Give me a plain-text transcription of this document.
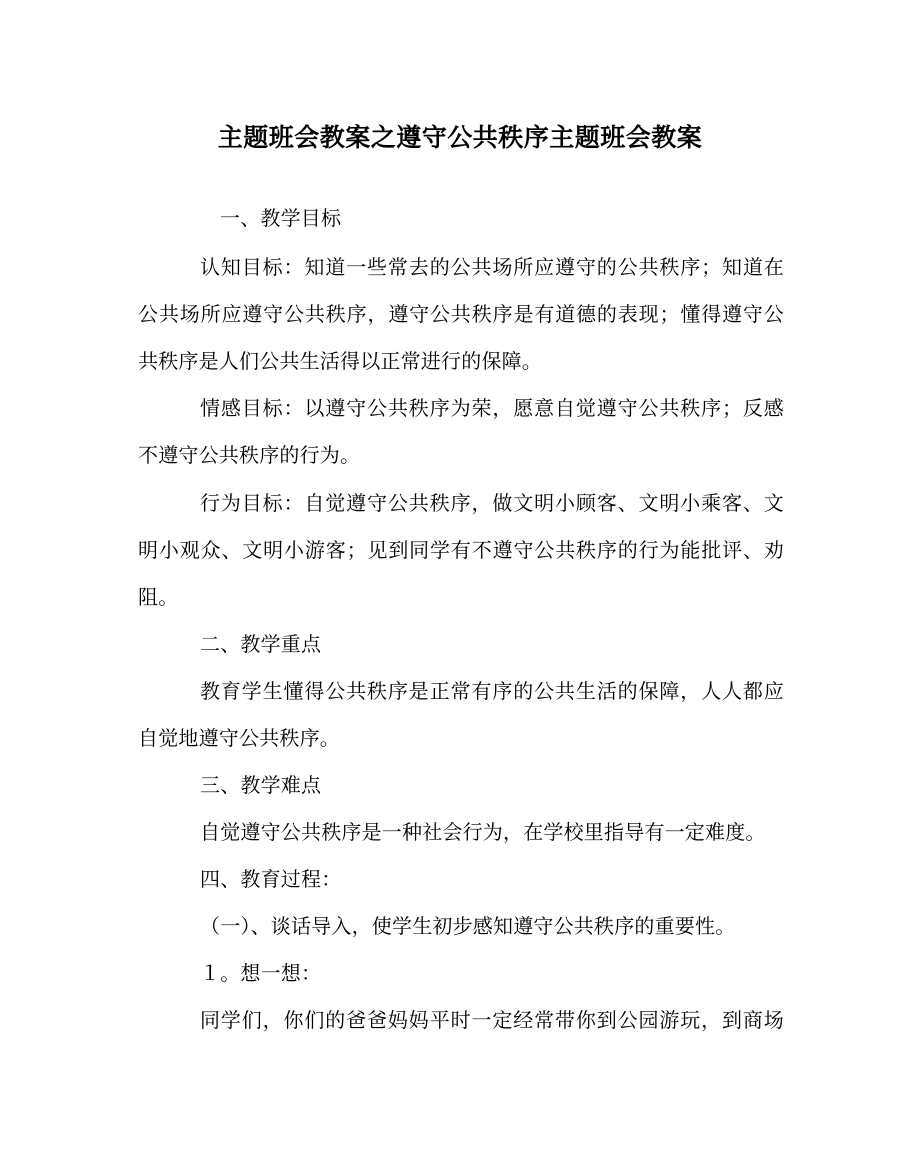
主题班会教案之遵守公共秩序主题班会教案
一、教学目标
认知目标：知道一些常去的公共场所应遵守的公共秩序；知道在
公共场所应遵守公共秩序，遵守公共秩序是有道德的表现；懂得遵守公
共秩序是人们公共生活得以正常进行的保障。
情感目标：以遵守公共秩序为荣，愿意自觉遵守公共秩序；反感
不遵守公共秩序的行为。
行为目标：自觉遵守公共秩序，做文明小顾客、文明小乘客、文
明小观众、文明小游客；见到同学有不遵守公共秩序的行为能批评、劝
阻。
二、教学重点
教育学生懂得公共秩序是正常有序的公共生活的保障，人人都应
自觉地遵守公共秩序。
三、教学难点
自觉遵守公共秩序是一种社会行为，在学校里指导有一定难度。
四、教育过程：
（一）、谈话导入，使学生初步感知遵守公共秩序的重要性。
１。想一想：
同学们，你们的爸爸妈妈平时一定经常带你到公园游玩，到商场
